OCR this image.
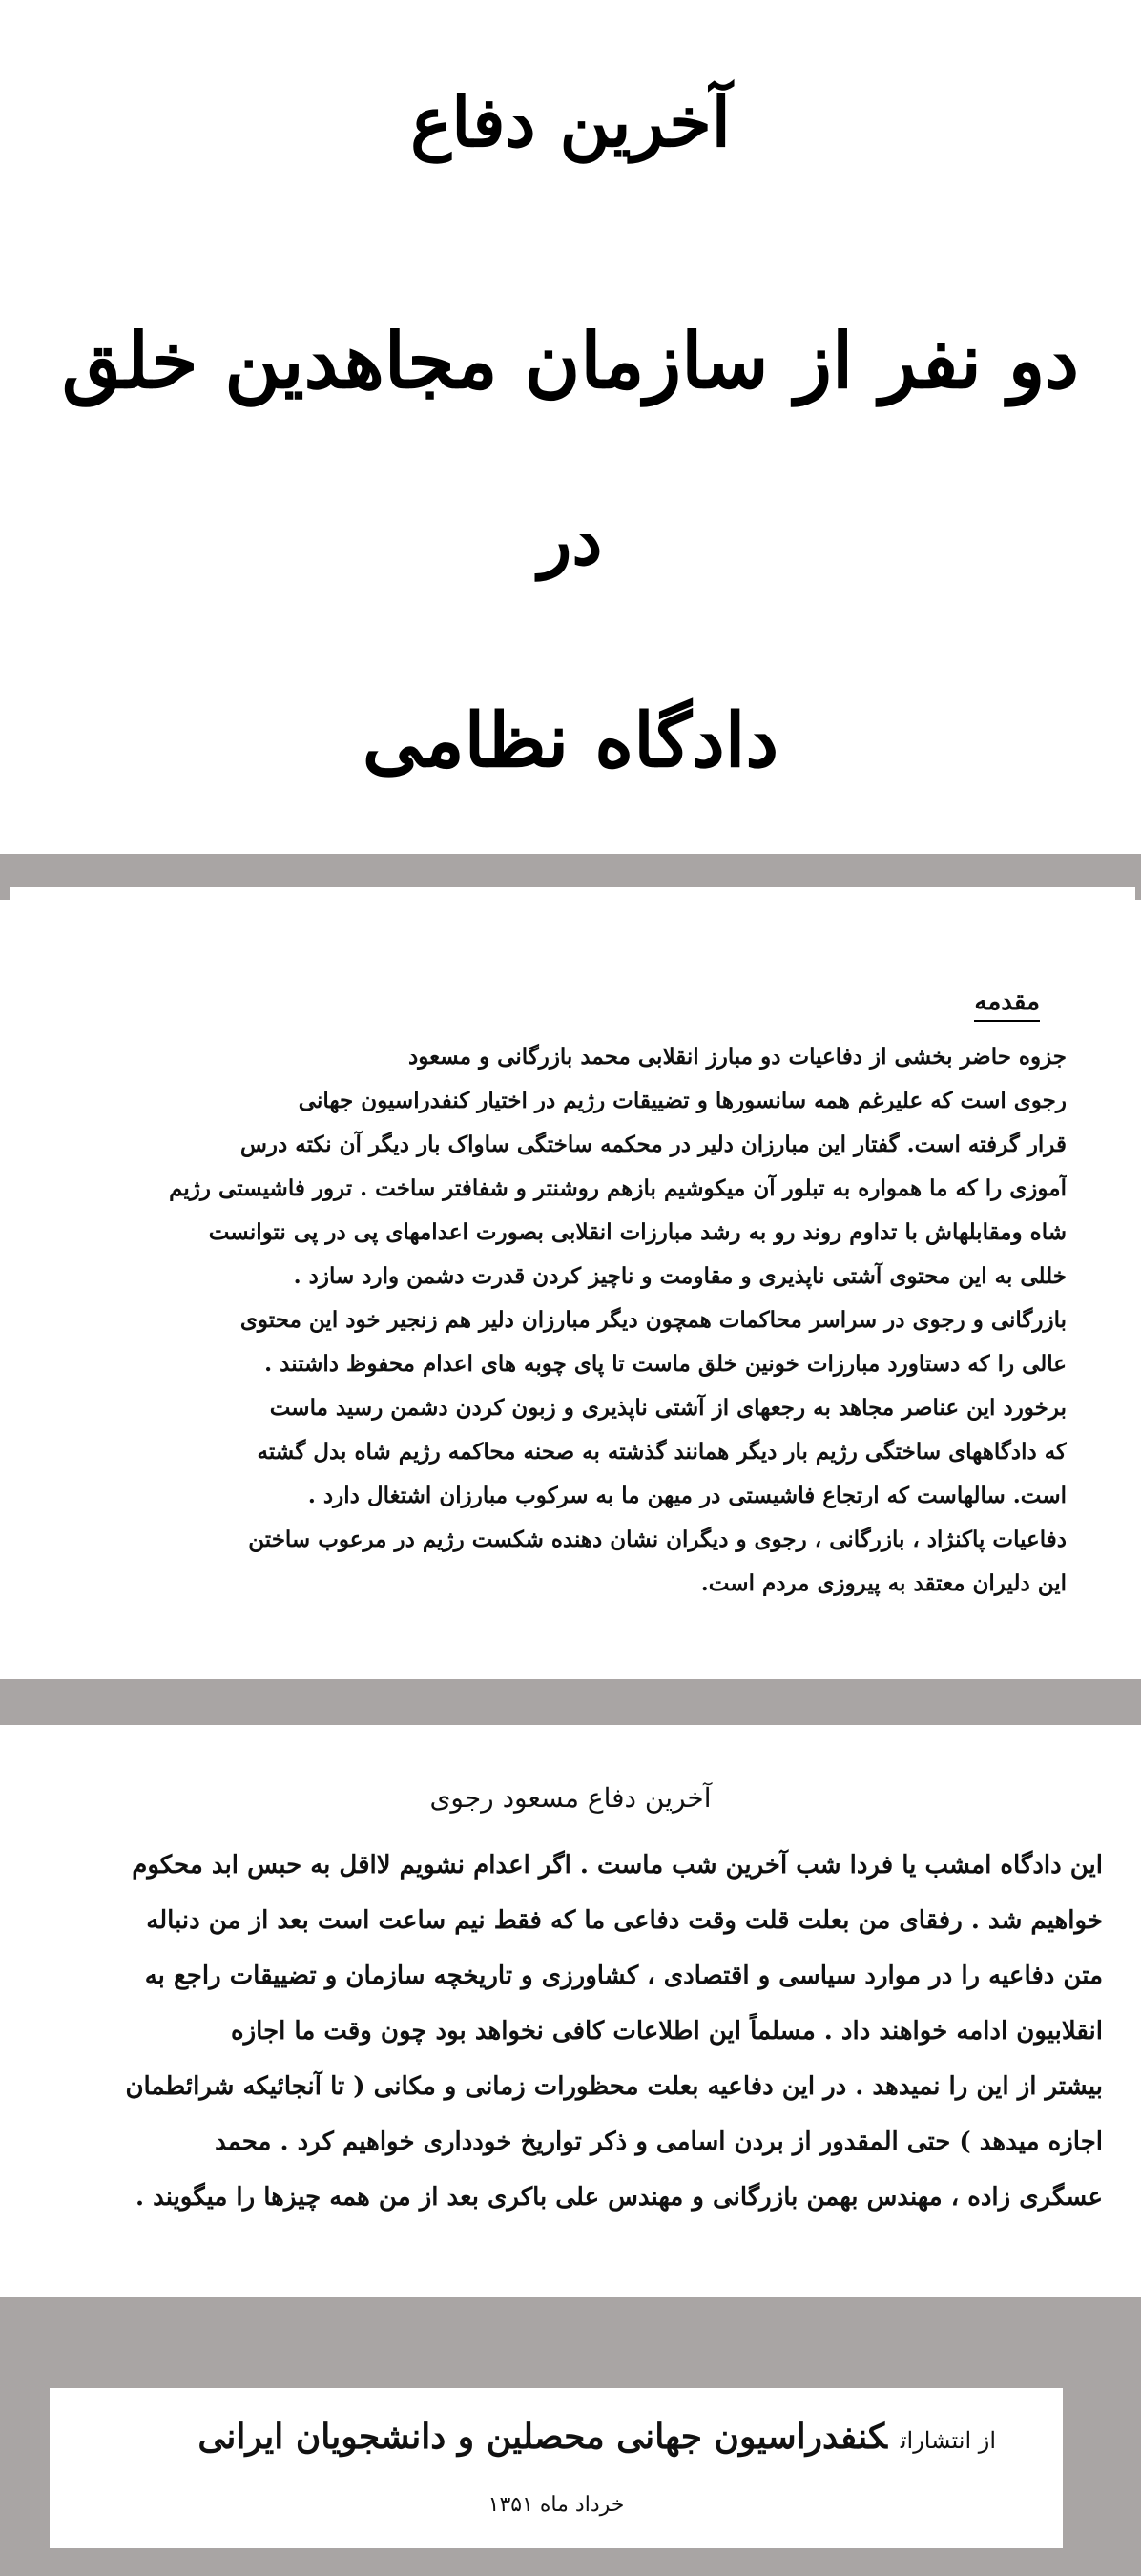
آخرین دفاع
دو نفر از سازمان مجاهدین خلق
در
دادگاه نظامی
مقدمه
جزوه حاضر بخشی از دفاعیات دو مبارز انقلابی محمد بازرگانی و مسعود
رجوی است که علیرغم همه سانسورها و تضییقات رژیم در اختیار کنفدراسیون جهانی
قرار گرفته است. گفتار این مبارزان دلیر در محکمه ساختگی ساواک بار دیگر آن نکته درس
آموزی را که ما همواره به تبلور آن میکوشیم بازهم روشنتر و شفافتر ساخت . ترور فاشیستی رژیم
شاه ومقابلهاش با تداوم روند رو به رشد مبارزات انقلابی بصورت اعدامهای پی در پی نتوانست
خللی به این محتوی آشتی ناپذیری و مقاومت و ناچیز کردن قدرت دشمن وارد سازد .
بازرگانی و رجوی در سراسر محاکمات همچون دیگر مبارزان دلیر هم زنجیر خود این محتوی
عالی را که دستاورد مبارزات خونین خلق ماست تا پای چوبه های اعدام محفوظ داشتند .
برخورد این عناصر مجاهد به رجعهای از آشتی ناپذیری و زبون کردن دشمن رسید ماست
که دادگاههای ساختگی رژیم بار دیگر همانند گذشته به صحنه محاکمه رژیم شاه بدل گشته
است. سالهاست که ارتجاع فاشیستی در میهن ما به سرکوب مبارزان اشتغال دارد .
دفاعیات پاکنژاد ، بازرگانی ، رجوی و دیگران نشان دهنده شکست رژیم در مرعوب ساختن
این دلیران معتقد به پیروزی مردم است.
آخرین دفاع مسعود رجوی
این دادگاه امشب یا فردا شب آخرین شب ماست . اگر اعدام نشویم لااقل به حبس ابد محکوم
خواهیم شد . رفقای من بعلت قلت وقت دفاعی ما که فقط نیم ساعت است بعد از من دنباله
متن دفاعیه را در موارد سیاسی و اقتصادی ، کشاورزی و تاریخچه سازمان و تضییقات راجع به
انقلابیون ادامه خواهند داد . مسلماً این اطلاعات کافی نخواهد بود چون وقت ما اجازه
بیشتر از این را نمیدهد . در این دفاعیه بعلت محظورات زمانی و مکانی ( تا آنجائیکه شرائطمان
اجازه میدهد ) حتی المقدور از بردن اسامی و ذکر تواریخ خودداری خواهیم کرد . محمد
عسگری زاده ، مهندس بهمن بازرگانی و مهندس علی باکری بعد از من همه چیزها را میگویند .
از انتشاراتکنفدراسیون جهانی محصلین و دانشجویان ایرانی
خرداد ماه ۱۳۵۱
